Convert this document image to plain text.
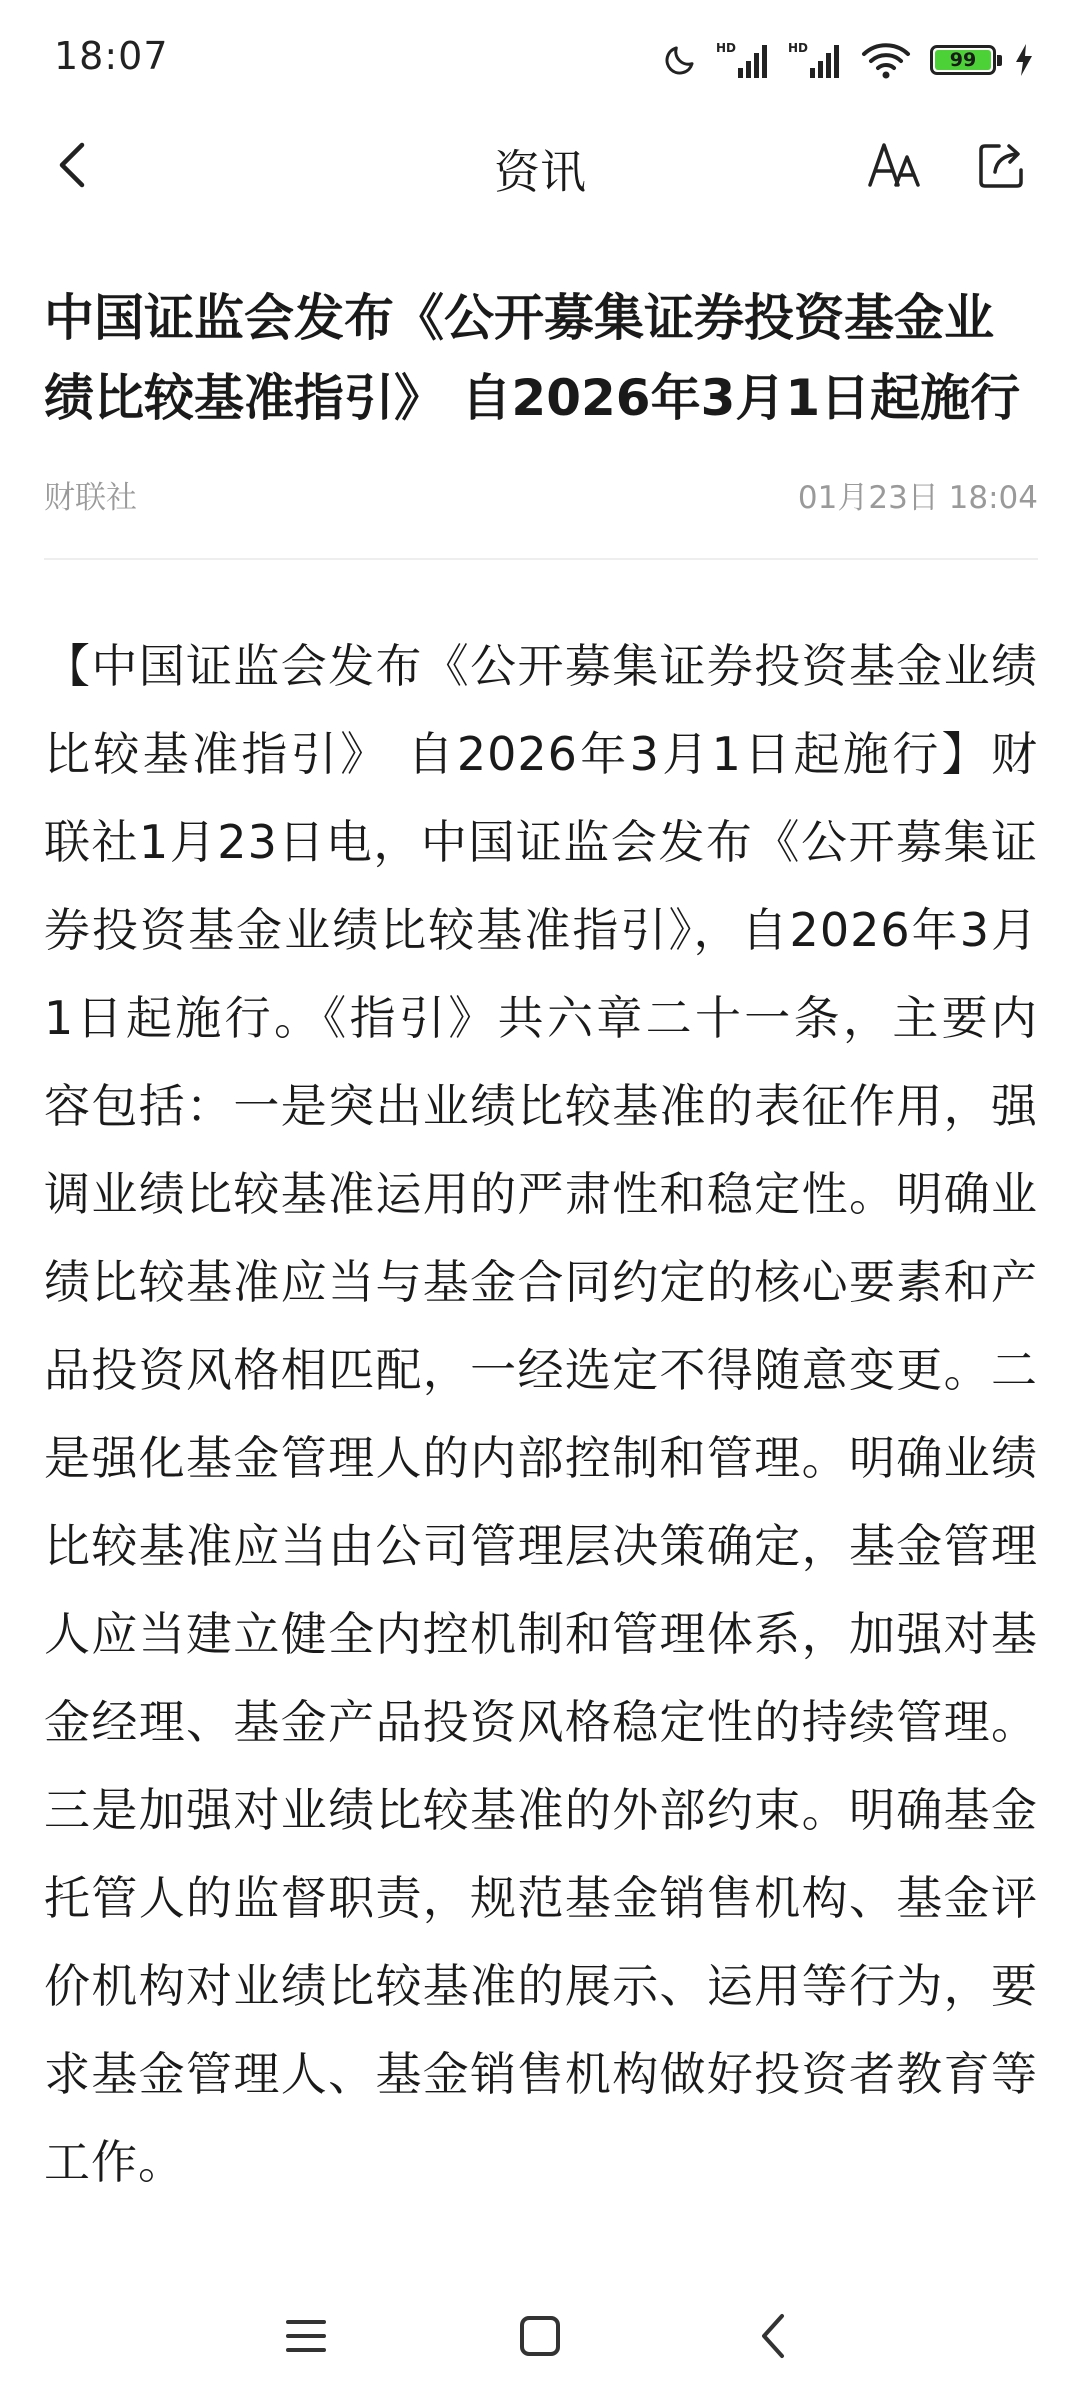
18:07	HD	HD
99
资讯
中国证监会发布《公开募集证券投资基金业绩比较基准指引》 自2026年3月1日起施行
财联社	01月23日 18:04

【中国证监会发布《公开募集证券投资基金业绩比较基准指引》 自2026年3月1日起施行】财联社1月23日电，中国证监会发布《公开募集证券投资基金业绩比较基准指引》，自2026年3月1日起施行。《指引》共六章二十一条，主要内容包括：一是突出业绩比较基准的表征作用，强调业绩比较基准运用的严肃性和稳定性。明确业绩比较基准应当与基金合同约定的核心要素和产品投资风格相匹配，一经选定不得随意变更。二是强化基金管理人的内部控制和管理。明确业绩比较基准应当由公司管理层决策确定，基金管理人应当建立健全内控机制和管理体系，加强对基金经理、基金产品投资风格稳定性的持续管理。三是加强对业绩比较基准的外部约束。明确基金托管人的监督职责，规范基金销售机构、基金评价机构对业绩比较基准的展示、运用等行为，要求基金管理人、基金销售机构做好投资者教育等工作。
